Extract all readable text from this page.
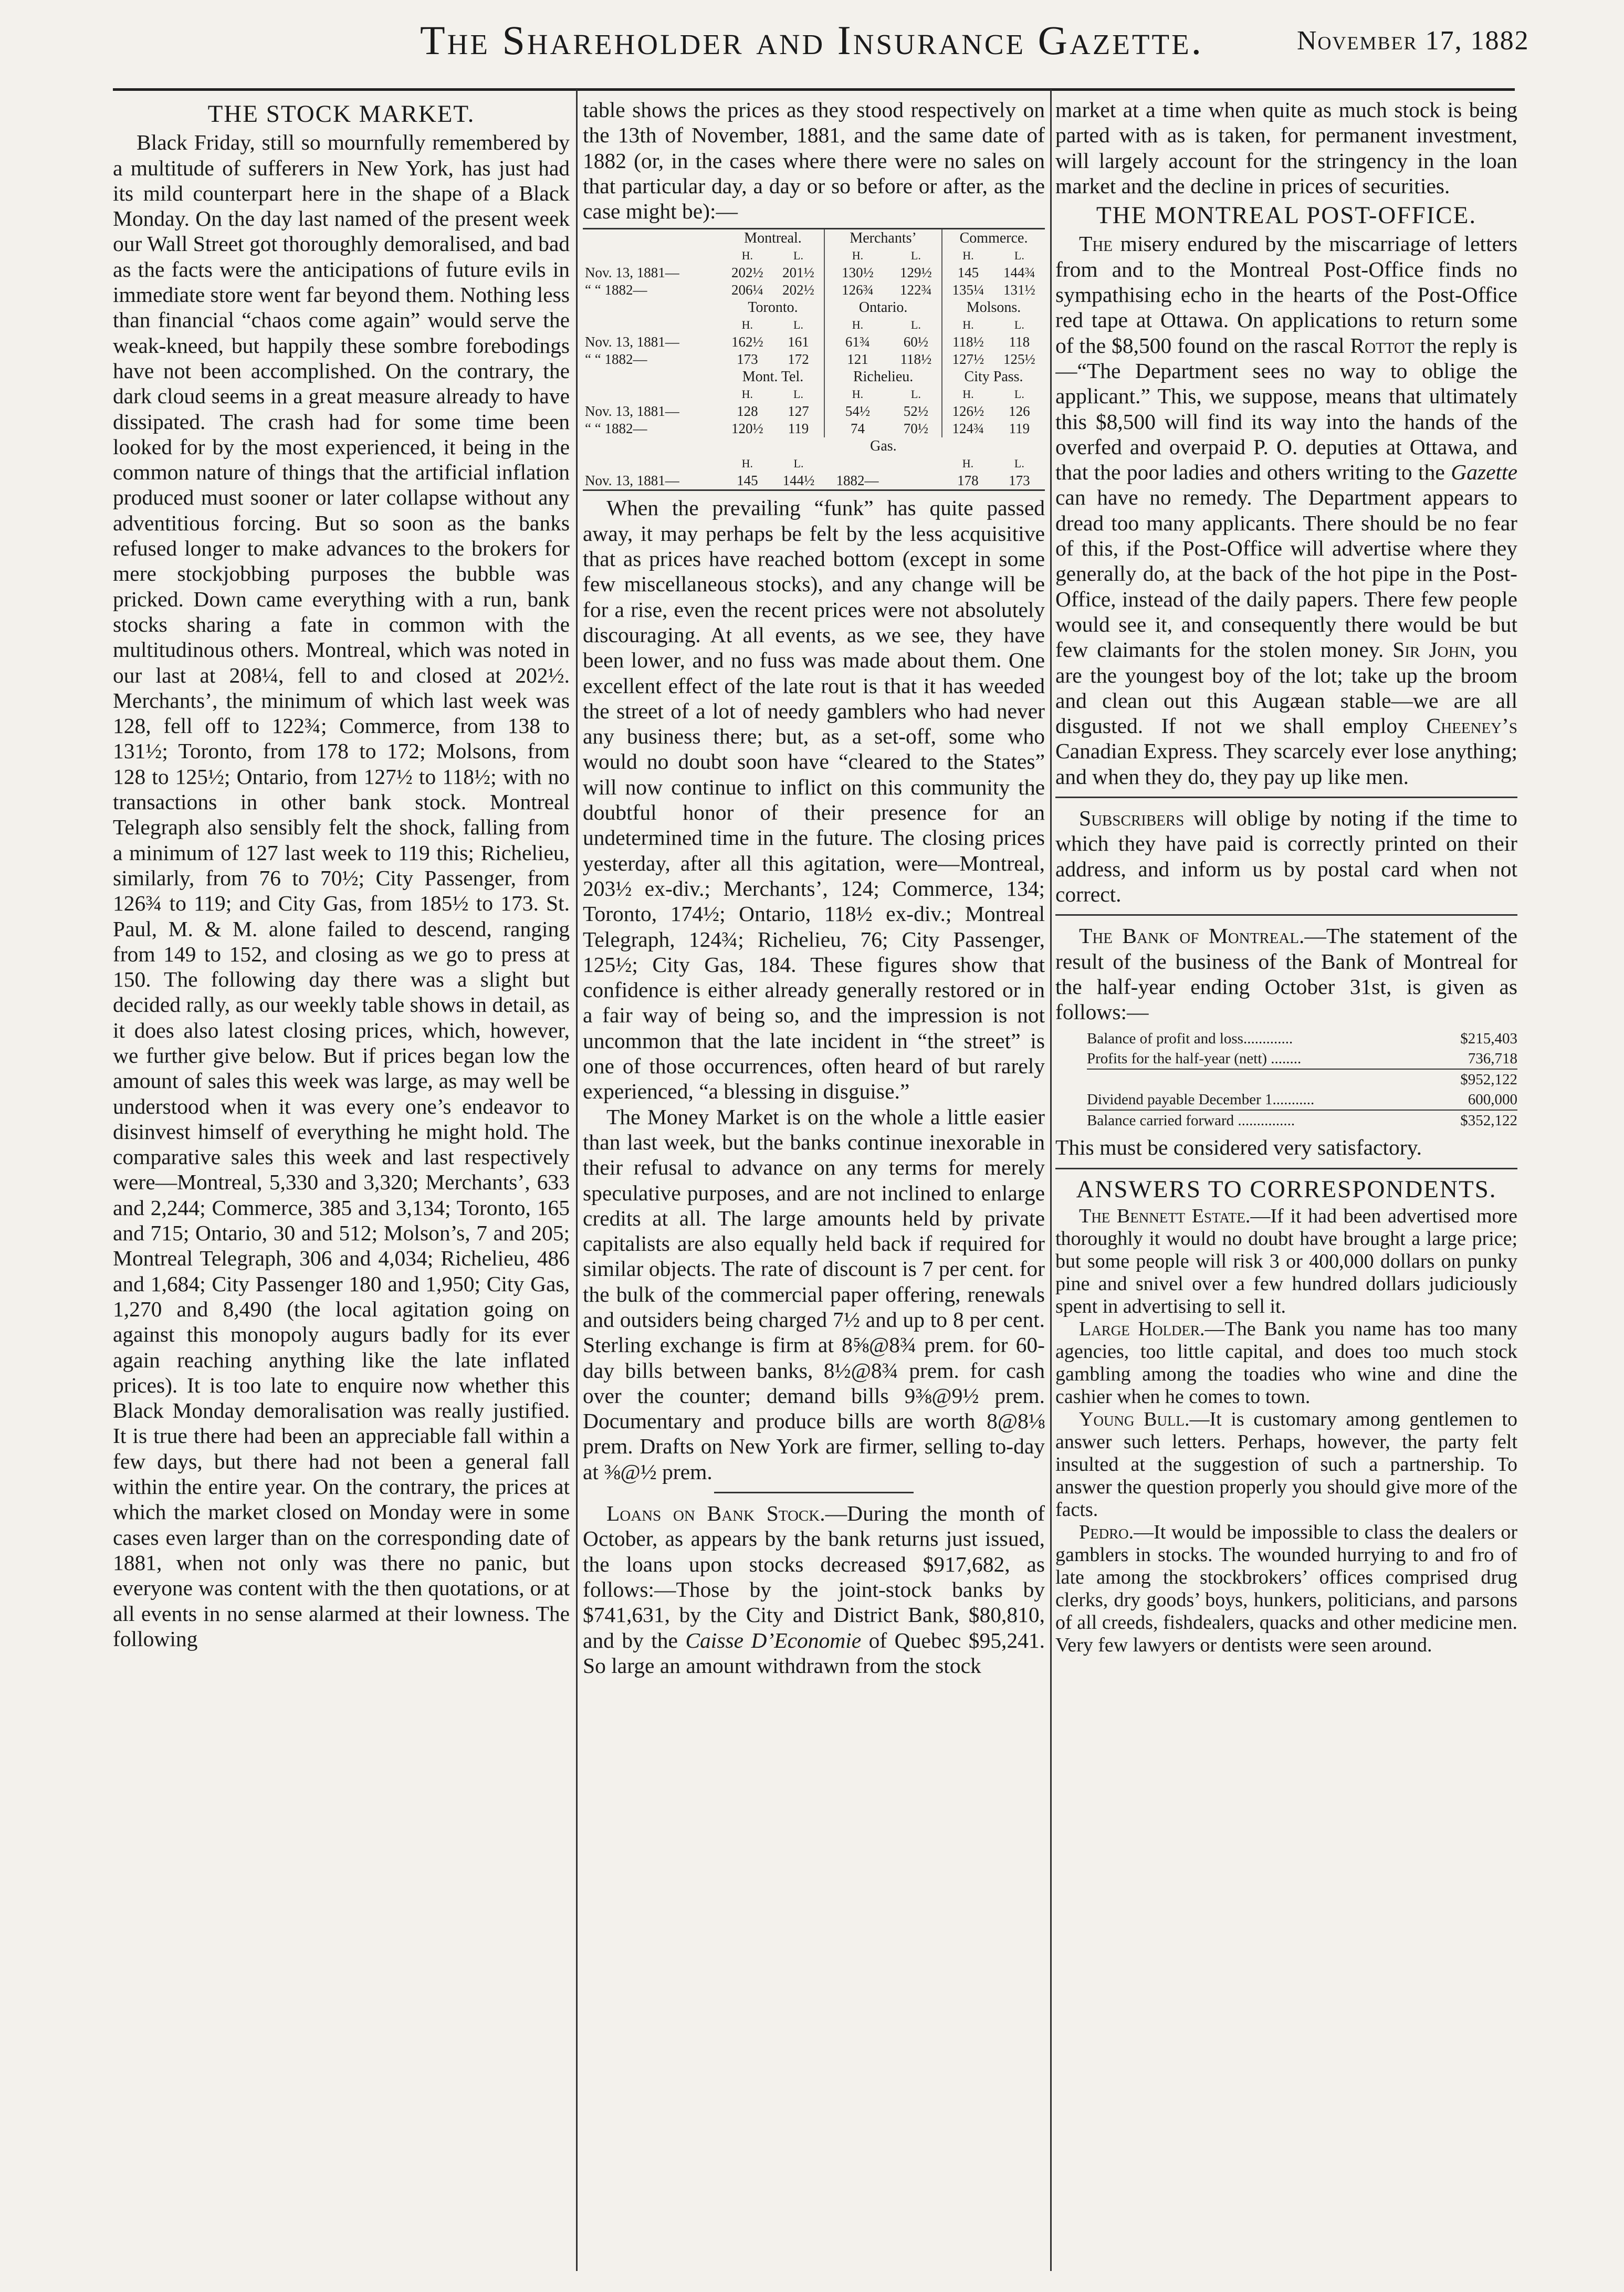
The Shareholder and Insurance Gazette.	November 17, 1882
THE STOCK MARKET.

Black Friday, still so mournfully remembered by a multitude of sufferers in New York, has just had its mild counterpart here in the shape of a Black Monday. On the day last named of the present week our Wall Street got thoroughly demoralised, and bad as the facts were the anticipations of future evils in immediate store went far beyond them. Nothing less than financial “chaos come again” would serve the weak-kneed, but happily these sombre forebodings have not been accomplished. On the contrary, the dark cloud seems in a great measure already to have dissipated. The crash had for some time been looked for by the most experienced, it being in the common nature of things that the artificial inflation produced must sooner or later collapse without any adventitious forcing. But so soon as the banks refused longer to make advances to the brokers for mere stockjobbing purposes the bubble was pricked. Down came everything with a run, bank stocks sharing a fate in common with the multitudinous others. Montreal, which was noted in our last at 208¼, fell to and closed at 202½. Merchants’, the minimum of which last week was 128, fell off to 122¾; Commerce, from 138 to 131½; Toronto, from 178 to 172; Molsons, from 128 to 125½; Ontario, from 127½ to 118½; with no transactions in other bank stock. Montreal Telegraph also sensibly felt the shock, falling from a minimum of 127 last week to 119 this; Richelieu, similarly, from 76 to 70½; City Passenger, from 126¾ to 119; and City Gas, from 185½ to 173. St. Paul, M. & M. alone failed to descend, ranging from 149 to 152, and closing as we go to press at 150. The following day there was a slight but decided rally, as our weekly table shows in detail, as it does also latest closing prices, which, however, we further give below. But if prices began low the amount of sales this week was large, as may well be understood when it was every one’s endeavor to disinvest himself of everything he might hold. The comparative sales this week and last respectively were—Montreal, 5,330 and 3,320; Merchants’, 633 and 2,244; Commerce, 385 and 3,134; Toronto, 165 and 715; Ontario, 30 and 512; Molson’s, 7 and 205; Montreal Telegraph, 306 and 4,034; Richelieu, 486 and 1,684; City Passenger 180 and 1,950; City Gas, 1,270 and 8,490 (the local agitation going on against this monopoly augurs badly for its ever again reaching anything like the late inflated prices). It is too late to enquire now whether this Black Monday demoralisation was really justified. It is true there had been an appreciable fall within a few days, but there had not been a general fall within the entire year. On the contrary, the prices at which the market closed on Monday were in some cases even larger than on the corresponding date of 1881, when not only was there no panic, but everyone was content with the then quotations, or at all events in no sense alarmed at their lowness. The following

table shows the prices as they stood respectively on the 13th of November, 1881, and the same date of 1882 (or, in the cases where there were no sales on that particular day, a day or so before or after, as the case might be):—

	Montreal.		Merchants’		Commerce.	
	H.	L.	H.	L.	H.	L.
Nov. 13, 1881—	202½	201½	130½	129½	145	144¾
“ “ 1882—	206¼	202½	126¾	122¾	135¼	131½
	Toronto.		Ontario.		Molsons.	
	H.	L.	H.	L.	H.	L.
Nov. 13, 1881—	162½	161	61¾	60½	118½	118
“ “ 1882—	173	172	121	118½	127½	125½
	Mont. Tel.		Richelieu.		City Pass.	
	H.	L.	H.	L.	H.	L.
Nov. 13, 1881—	128	127	54½	52½	126½	126
“ “ 1882—	120½	119	74	70½	124¾	119
	Gas.					
	H.	L.			H.	L.
Nov. 13, 1881—	145	144½	1882—		178	173

When the prevailing “funk” has quite passed away, it may perhaps be felt by the less acquisitive that as prices have reached bottom (except in some few miscellaneous stocks), and any change will be for a rise, even the recent prices were not absolutely discouraging. At all events, as we see, they have been lower, and no fuss was made about them. One excellent effect of the late rout is that it has weeded the street of a lot of needy gamblers who had never any business there; but, as a set-off, some who would no doubt soon have “cleared to the States” will now continue to inflict on this community the doubtful honor of their presence for an undetermined time in the future. The closing prices yesterday, after all this agitation, were—Montreal, 203½ ex-div.; Merchants’, 124; Commerce, 134; Toronto, 174½; Ontario, 118½ ex-div.; Montreal Telegraph, 124¾; Richelieu, 76; City Passenger, 125½; City Gas, 184. These figures show that confidence is either already generally restored or in a fair way of being so, and the impression is not uncommon that the late incident in “the street” is one of those occurrences, often heard of but rarely experienced, “a blessing in disguise.”

The Money Market is on the whole a little easier than last week, but the banks continue inexorable in their refusal to advance on any terms for merely speculative purposes, and are not inclined to enlarge credits at all. The large amounts held by private capitalists are also equally held back if required for similar objects. The rate of discount is 7 per cent. for the bulk of the commercial paper offering, renewals and outsiders being charged 7½ and up to 8 per cent. Sterling exchange is firm at 8⅝@8¾ prem. for 60-day bills between banks, 8½@8¾ prem. for cash over the counter; demand bills 9⅜@9½ prem. Documentary and produce bills are worth 8@8⅛ prem. Drafts on New York are firmer, selling to-day at ⅜@½ prem.

Loans on Bank Stock.—During the month of October, as appears by the bank returns just issued, the loans upon stocks decreased $917,682, as follows:—Those by the joint-stock banks by $741,631, by the City and District Bank, $80,810, and by the Caisse D’Economie of Quebec $95,241. So large an amount withdrawn from the stock

market at a time when quite as much stock is being parted with as is taken, for permanent investment, will largely account for the stringency in the loan market and the decline in prices of securities.

THE MONTREAL POST-OFFICE.

The misery endured by the miscarriage of letters from and to the Montreal Post-Office finds no sympathising echo in the hearts of the Post-Office red tape at Ottawa. On applications to return some of the $8,500 found on the rascal Rottot the reply is—“The Department sees no way to oblige the applicant.” This, we suppose, means that ultimately this $8,500 will find its way into the hands of the overfed and overpaid P. O. deputies at Ottawa, and that the poor ladies and others writing to the Gazette can have no remedy. The Department appears to dread too many applicants. There should be no fear of this, if the Post-Office will advertise where they generally do, at the back of the hot pipe in the Post-Office, instead of the daily papers. There few people would see it, and consequently there would be but few claimants for the stolen money. Sir John, you are the youngest boy of the lot; take up the broom and clean out this Augæan stable—we are all disgusted. If not we shall employ Cheeney’s Canadian Express. They scarcely ever lose anything; and when they do, they pay up like men.

Subscribers will oblige by noting if the time to which they have paid is correctly printed on their address, and inform us by postal card when not correct.

The Bank of Montreal.—The statement of the result of the business of the Bank of Montreal for the half-year ending October 31st, is given as follows:—

Balance of profit and loss.............	$215,403
Profits for the half-year (nett) ........	736,718
$952,122
Dividend payable December 1...........	600,000
Balance carried forward ...............	$352,122

This must be considered very satisfactory.

ANSWERS TO CORRESPONDENTS.

The Bennett Estate.—If it had been advertised more thoroughly it would no doubt have brought a large price; but some people will risk 3 or 400,000 dollars on punky pine and snivel over a few hundred dollars judiciously spent in advertising to sell it.

Large Holder.—The Bank you name has too many agencies, too little capital, and does too much stock gambling among the toadies who wine and dine the cashier when he comes to town.

Young Bull.—It is customary among gentlemen to answer such letters. Perhaps, however, the party felt insulted at the suggestion of such a partnership. To answer the question properly you should give more of the facts.

Pedro.—It would be impossible to class the dealers or gamblers in stocks. The wounded hurrying to and fro of late among the stockbrokers’ offices comprised drug clerks, dry goods’ boys, hunkers, politicians, and parsons of all creeds, fishdealers, quacks and other medicine men. Very few lawyers or dentists were seen around.
